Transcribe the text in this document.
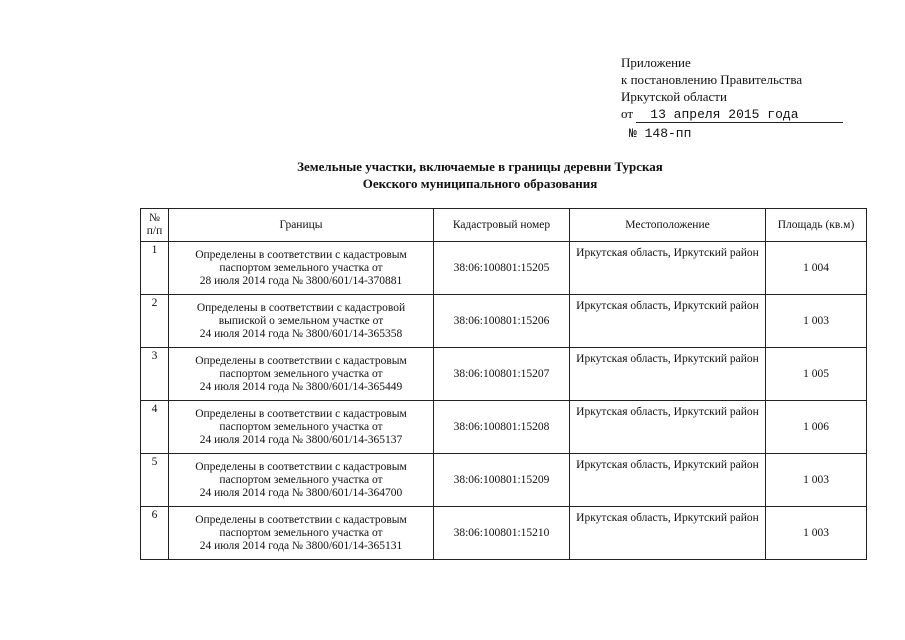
Приложение
к постановлению Правительства
Иркутской области
от 13 апреля 2015 года
№ 148-пп
Земельные участки, включаемые в границы деревни Турская
Оекского муниципального образования
№
п/п	Границы	Кадастровый номер	Местоположение	Площадь (кв.м)
1	Определены в соответствии с кадастровым
паспортом земельного участка от
28 июля 2014 года № 3800/601/14-370881	38:06:100801:15205	Иркутская область, Иркутский район	1 004
2	Определены в соответствии с кадастровой
выпиской о земельном участке от
24 июля 2014 года № 3800/601/14-365358	38:06:100801:15206	Иркутская область, Иркутский район	1 003
3	Определены в соответствии с кадастровым
паспортом земельного участка от
24 июля 2014 года № 3800/601/14-365449	38:06:100801:15207	Иркутская область, Иркутский район	1 005
4	Определены в соответствии с кадастровым
паспортом земельного участка от
24 июля 2014 года № 3800/601/14-365137	38:06:100801:15208	Иркутская область, Иркутский район	1 006
5	Определены в соответствии с кадастровым
паспортом земельного участка от
24 июля 2014 года № 3800/601/14-364700	38:06:100801:15209	Иркутская область, Иркутский район	1 003
6	Определены в соответствии с кадастровым
паспортом земельного участка от
24 июля 2014 года № 3800/601/14-365131	38:06:100801:15210	Иркутская область, Иркутский район	1 003
